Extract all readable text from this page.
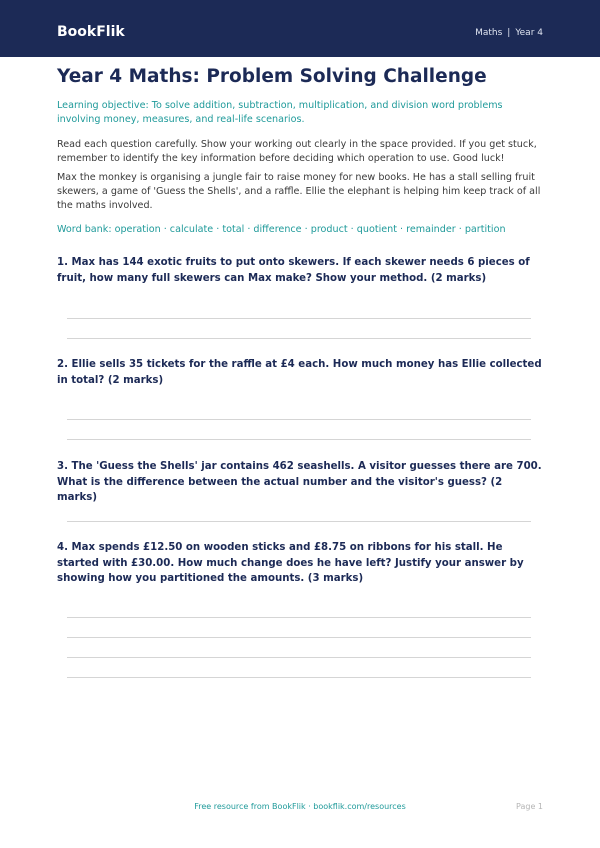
BookFlik	Maths | Year 4
Year 4 Maths: Problem Solving Challenge
Learning objective: To solve addition, subtraction, multiplication, and division word problems involving money, measures, and real-life scenarios.
Read each question carefully. Show your working out clearly in the space provided. If you get stuck, remember to identify the key information before deciding which operation to use. Good luck!
Max the monkey is organising a jungle fair to raise money for new books. He has a stall selling fruit skewers, a game of 'Guess the Shells', and a raffle. Ellie the elephant is helping him keep track of all the maths involved.
Word bank: operation · calculate · total · difference · product · quotient · remainder · partition
1. Max has 144 exotic fruits to put onto skewers. If each skewer needs 6 pieces of fruit, how many full skewers can Max make? Show your method. (2 marks)
2. Ellie sells 35 tickets for the raffle at £4 each. How much money has Ellie collected in total? (2 marks)
3. The 'Guess the Shells' jar contains 462 seashells. A visitor guesses there are 700. What is the difference between the actual number and the visitor's guess? (2 marks)
4. Max spends £12.50 on wooden sticks and £8.75 on ribbons for his stall. He started with £30.00. How much change does he have left? Justify your answer by showing how you partitioned the amounts. (3 marks)
Free resource from BookFlik · bookflik.com/resources	Page 1
